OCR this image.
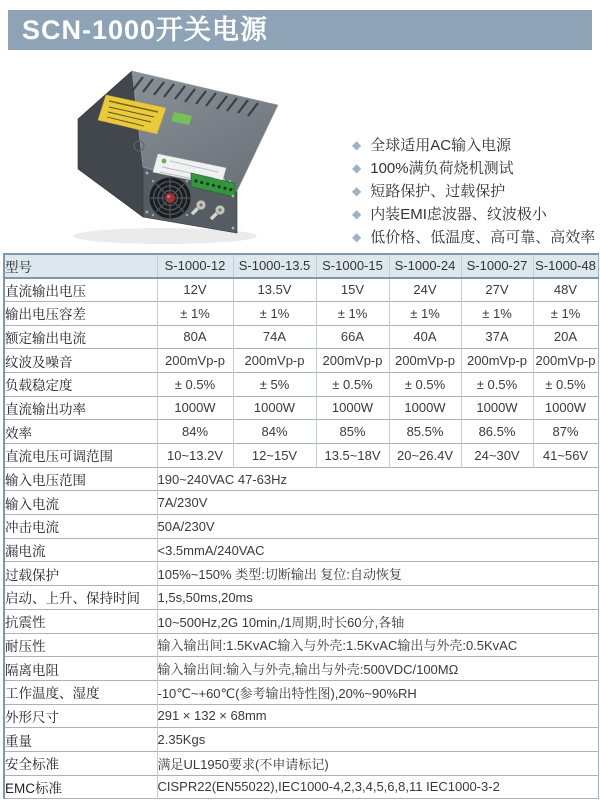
SCN-1000开关电源
◆ 全球适用AC输入电源
◆ 100%满负荷烧机测试
◆ 短路保护、过载保护
◆ 内装EMI虑波器、纹波极小
◆ 低价格、低温度、高可靠、高效率
型号	S-1000-12	S-1000-13.5	S-1000-15	S-1000-24	S-1000-27	S-1000-48
直流输出电压	12V	13.5V	15V	24V	27V	48V
输出电压容差	± 1%	± 1%	± 1%	± 1%	± 1%	± 1%
额定输出电流	80A	74A	66A	40A	37A	20A
纹波及噪音	200mVp-p	200mVp-p	200mVp-p	200mVp-p	200mVp-p	200mVp-p
负载稳定度	± 0.5%	± 5%	± 0.5%	± 0.5%	± 0.5%	± 0.5%
直流输出功率	1000W	1000W	1000W	1000W	1000W	1000W
效率	84%	84%	85%	85.5%	86.5%	87%
直流电压可调范围	10~13.2V	12~15V	13.5~18V	20~26.4V	24~30V	41~56V
输入电压范围	190~240VAC 47-63Hz					
输入电流	7A/230V					
冲击电流	50A/230V					
漏电流	<3.5mmA/240VAC					
过载保护	105%~150% 类型:切断输出 复位:自动恢复					
启动、上升、保持时间	1,5s,50ms,20ms					
抗震性	10~500Hz,2G 10min,/1周期,时长60分,各轴					
耐压性	输入输出间:1.5KvAC输入与外壳:1.5KvAC输出与外壳:0.5KvAC					
隔离电阻	输入输出间:输入与外壳,输出与外壳:500VDC/100MΩ					
工作温度、湿度	-10℃~+60℃(参考输出特性图),20%~90%RH					
外形尺寸	291 × 132 × 68mm					
重量	2.35Kgs					
安全标准	满足UL1950要求(不申请标记)					
EMC标准	CISPR22(EN55022),IEC1000-4,2,3,4,5,6,8,11 IEC1000-3-2					
